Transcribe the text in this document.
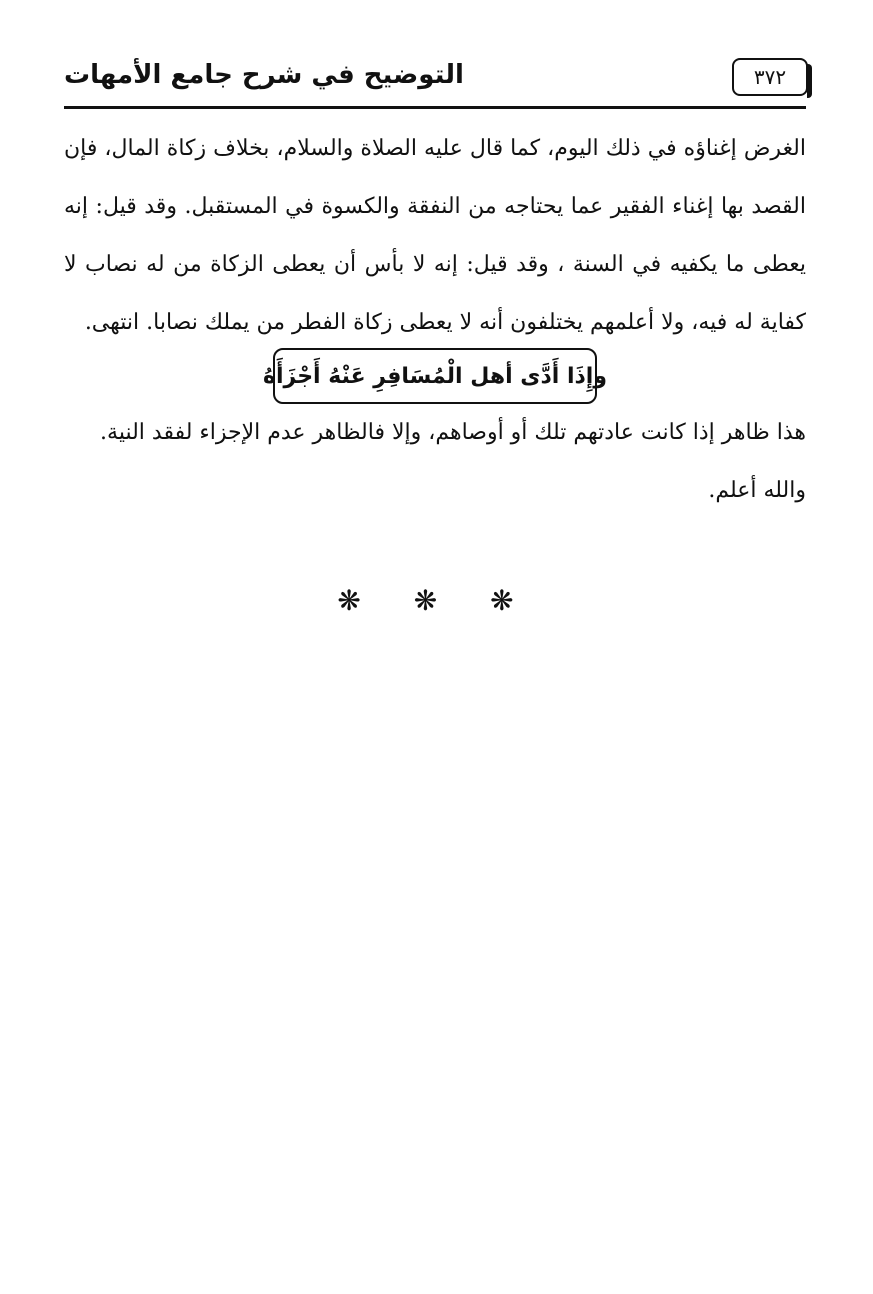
التوضيح في شرح جامع الأمهات	٣٧٢

الغرض إغناؤه في ذلك اليوم، كما قال عليه الصلاة والسلام، بخلاف زكاة المال، فإن القصد بها إغناء الفقير عما يحتاجه من النفقة والكسوة في المستقبل. وقد قيل: إنه يعطى ما يكفيه في السنة ، وقد قيل: إنه لا بأس أن يعطى الزكاة من له نصاب لا كفاية له فيه، ولا أعلمهم يختلفون أنه لا يعطى زكاة الفطر من يملك نصابا. انتهى.

وإِذَا أَدَّى أهل الْمُسَافِرِ عَنْهُ أَجْزَأَهُ

هذا ظاهر إذا كانت عادتهم تلك أو أوصاهم، وإلا فالظاهر عدم الإجزاء لفقد النية.

والله أعلم.

❋ ❋ ❋
